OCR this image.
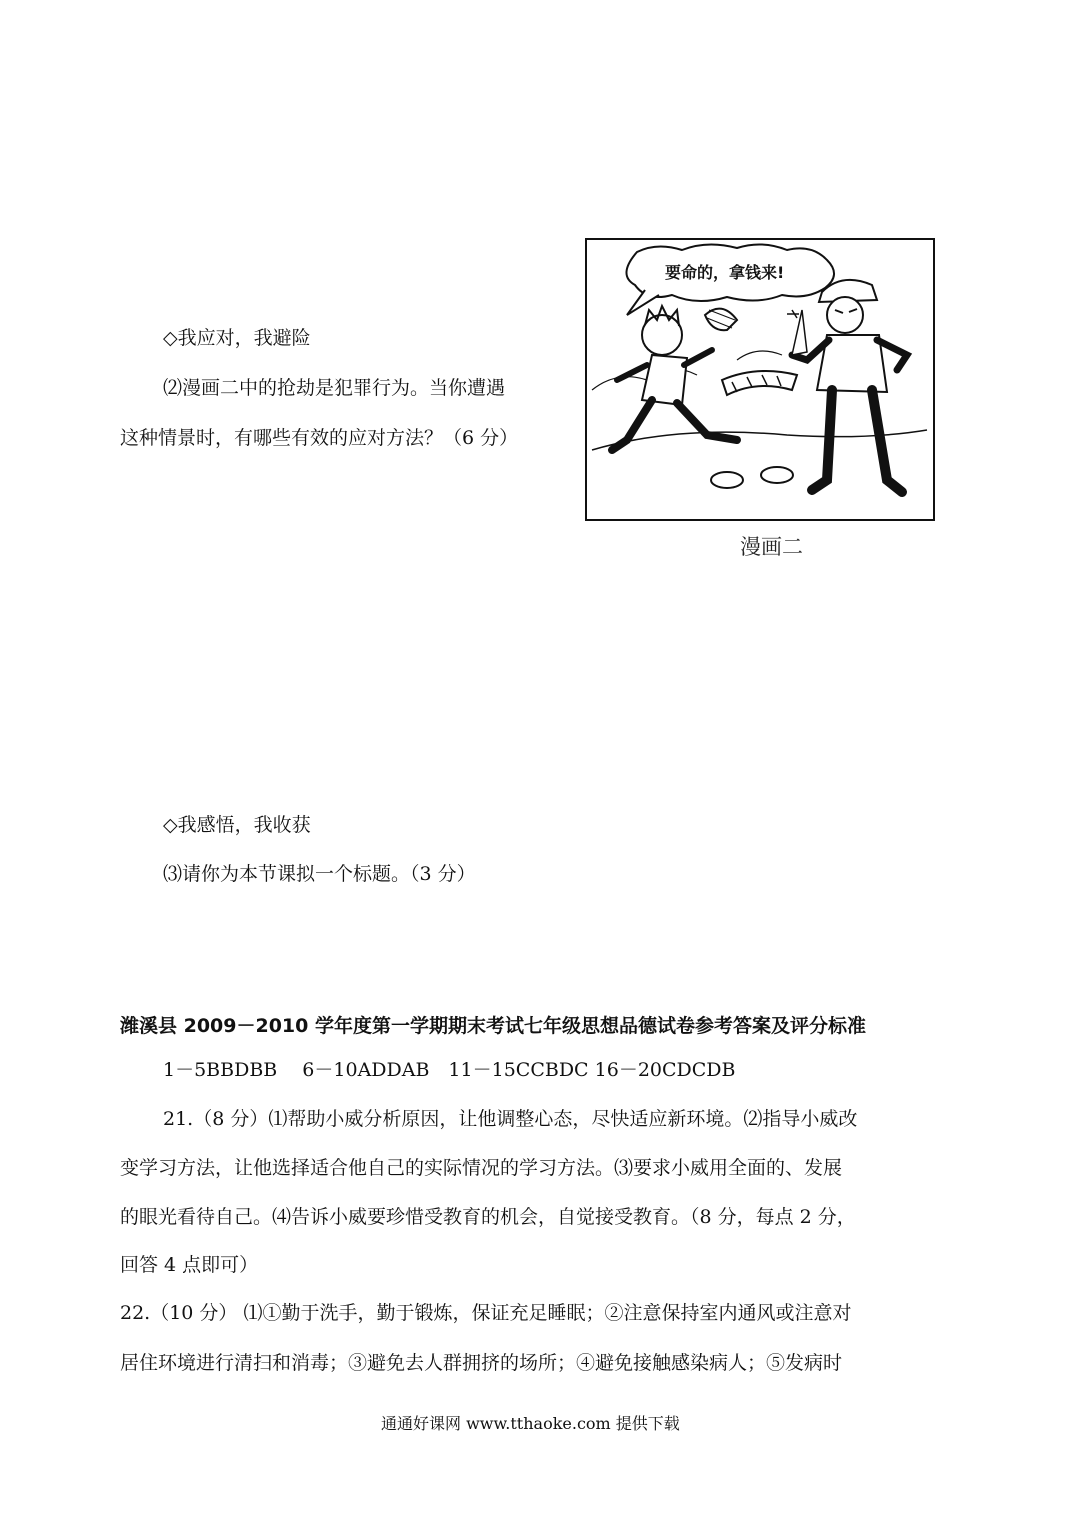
◇我应对，我避险
⑵漫画二中的抢劫是犯罪行为。当你遭遇
这种情景时，有哪些有效的应对方法？（6 分）
要命的，拿钱来!
漫画二
◇我感悟，我收获
⑶请你为本节课拟一个标题。（3 分）
潍溪县 2009－2010 学年度第一学期期末考试七年级思想品德试卷参考答案及评分标准
1－5BBDBB　 6－10ADDAB　11－15CCBDC 16－20CDCDB
21.（8 分）⑴帮助小威分析原因，让他调整心态，尽快适应新环境。⑵指导小威改
变学习方法，让他选择适合他自己的实际情况的学习方法。⑶要求小威用全面的、发展
的眼光看待自己。⑷告诉小威要珍惜受教育的机会，自觉接受教育。（8 分，每点 2 分，
回答 4 点即可）
22.（10 分） ⑴①勤于洗手，勤于锻炼，保证充足睡眠；②注意保持室内通风或注意对
居住环境进行清扫和消毒；③避免去人群拥挤的场所；④避免接触感染病人；⑤发病时
通通好课网 www.tthaoke.com 提供下载
